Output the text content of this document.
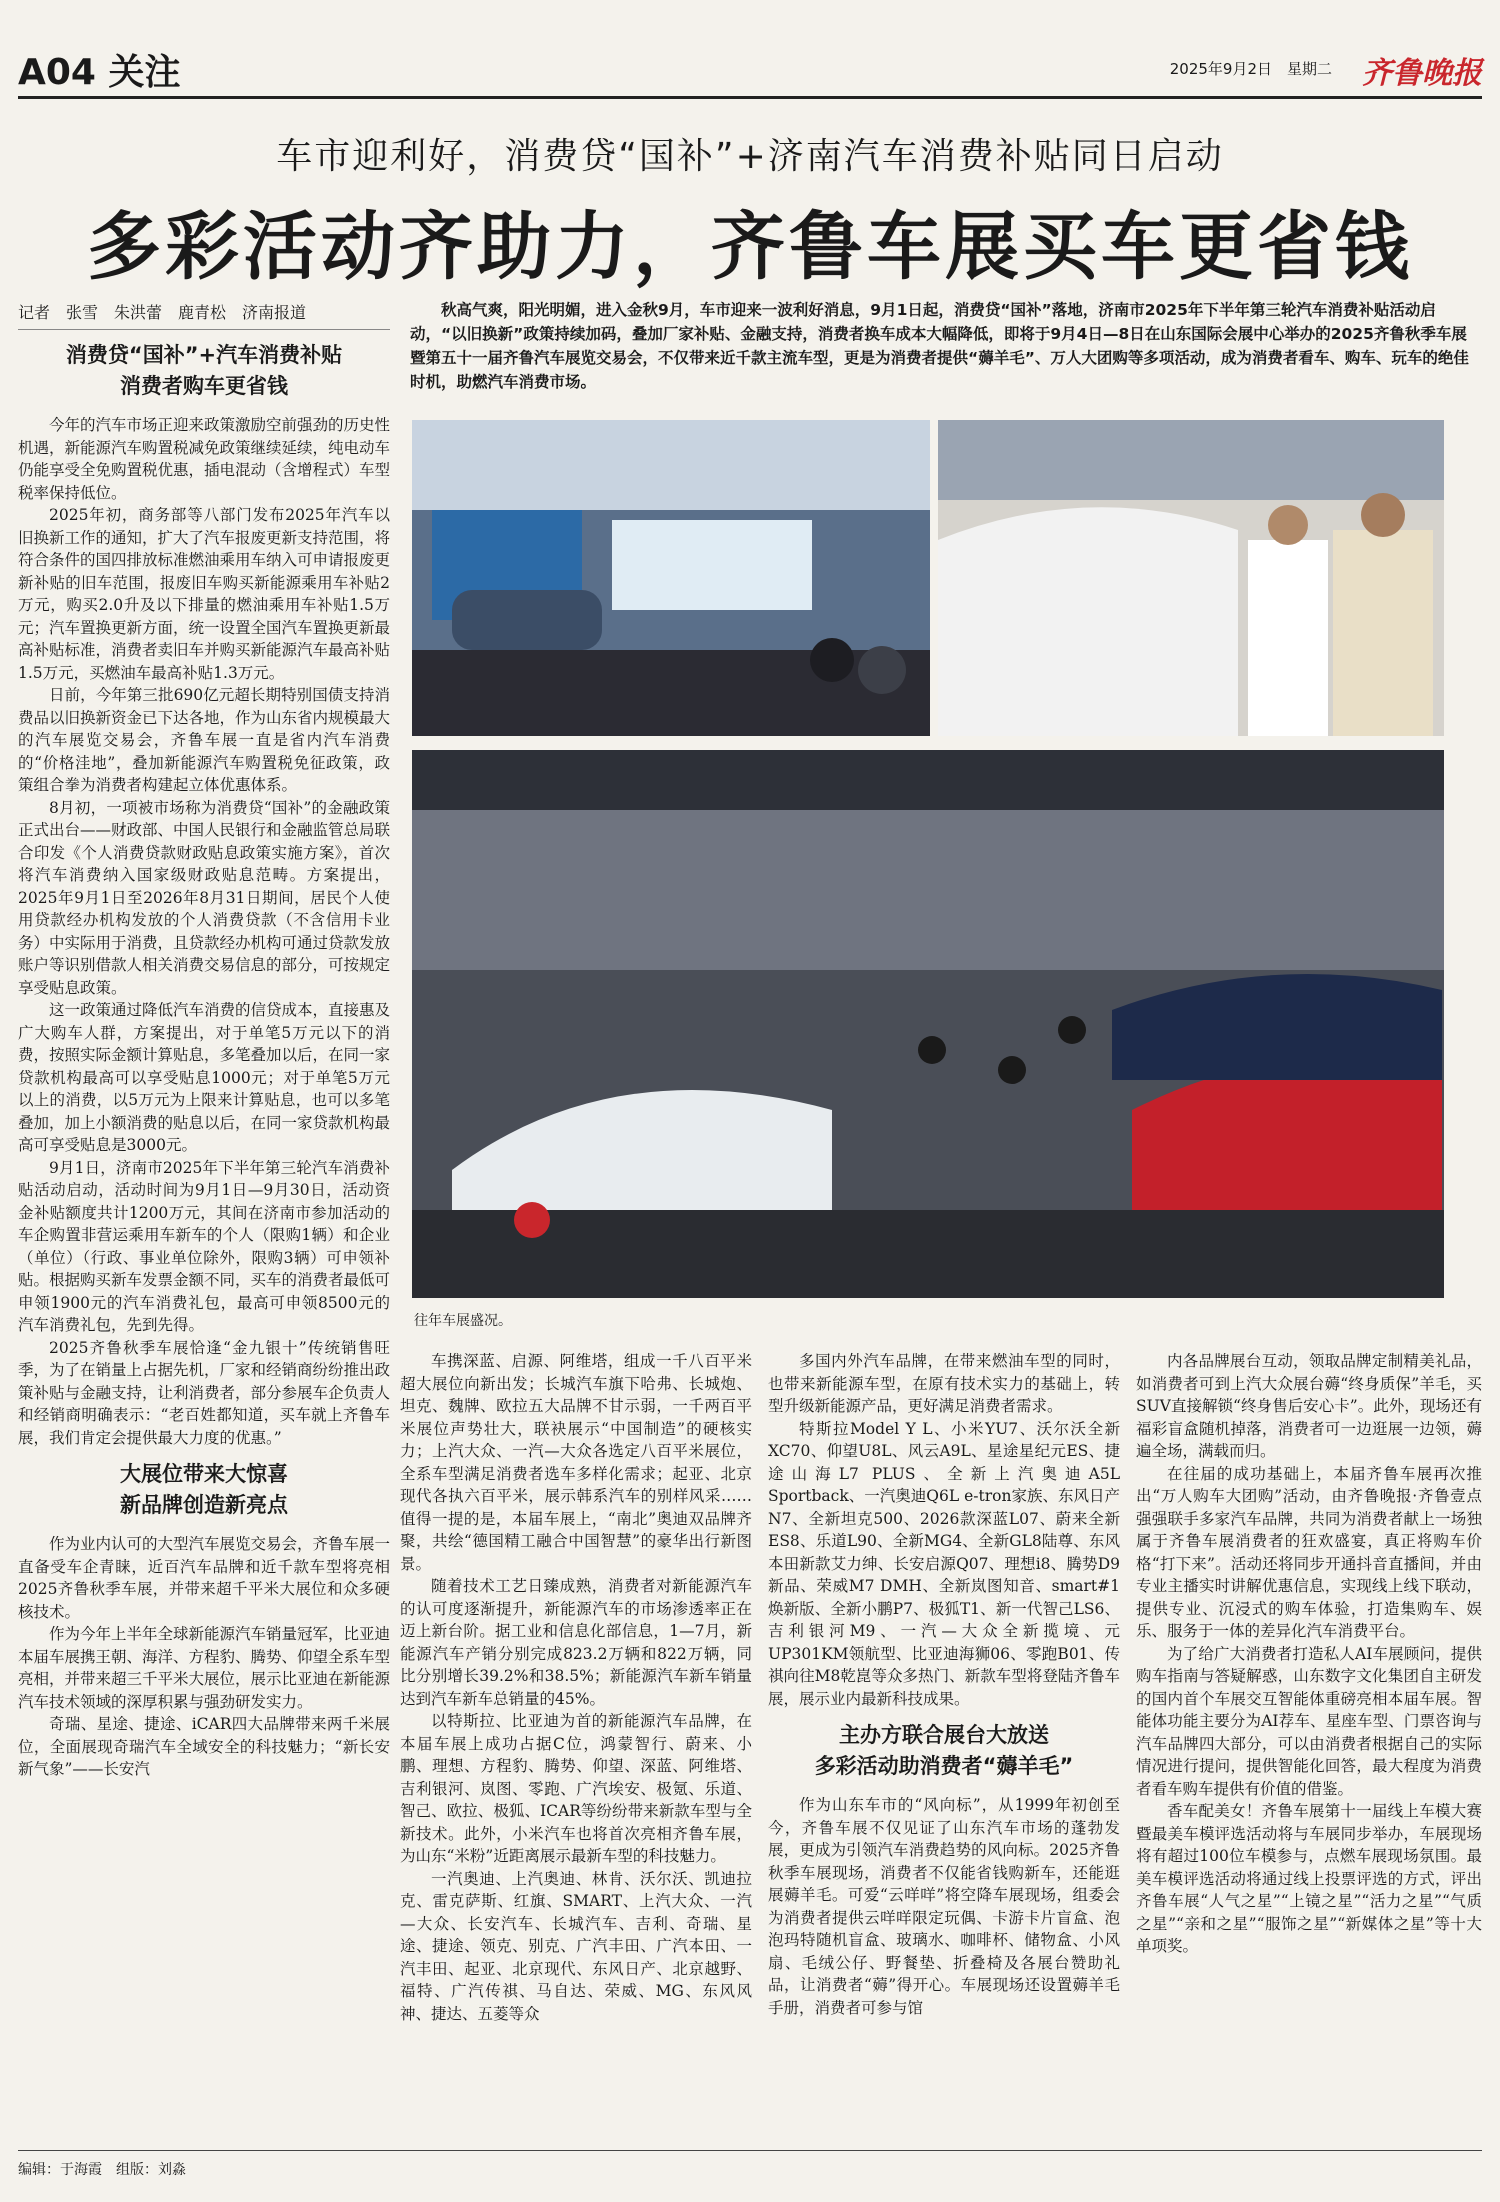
A04 关注	2025年9月2日　星期二 齐鲁晚报
车市迎利好，消费贷“国补”+济南汽车消费补贴同日启动
多彩活动齐助力，齐鲁车展买车更省钱
记者　张雪　朱洪蕾　鹿青松　济南报道	秋高气爽，阳光明媚，进入金秋9月，车市迎来一波利好消息，9月1日起，消费贷“国补”落地，济南市2025年下半年第三轮汽车消费补贴活动启动，“以旧换新”政策持续加码，叠加厂家补贴、金融支持，消费者换车成本大幅降低，即将于9月4日—8日在山东国际会展中心举办的2025齐鲁秋季车展暨第五十一届齐鲁汽车展览交易会，不仅带来近千款主流车型，更是为消费者提供“薅羊毛”、万人大团购等多项活动，成为消费者看车、购车、玩车的绝佳时机，助燃汽车消费市场。
消费贷“国补”+汽车消费补贴
消费者购车更省钱

今年的汽车市场正迎来政策激励空前强劲的历史性机遇，新能源汽车购置税减免政策继续延续，纯电动车仍能享受全免购置税优惠，插电混动（含增程式）车型税率保持低位。

2025年初，商务部等八部门发布2025年汽车以旧换新工作的通知，扩大了汽车报废更新支持范围，将符合条件的国四排放标准燃油乘用车纳入可申请报废更新补贴的旧车范围，报废旧车购买新能源乘用车补贴2万元，购买2.0升及以下排量的燃油乘用车补贴1.5万元；汽车置换更新方面，统一设置全国汽车置换更新最高补贴标准，消费者卖旧车并购买新能源汽车最高补贴1.5万元，买燃油车最高补贴1.3万元。

日前，今年第三批690亿元超长期特别国债支持消费品以旧换新资金已下达各地，作为山东省内规模最大的汽车展览交易会，齐鲁车展一直是省内汽车消费的“价格洼地”，叠加新能源汽车购置税免征政策，政策组合拳为消费者构建起立体优惠体系。

8月初，一项被市场称为消费贷“国补”的金融政策正式出台——财政部、中国人民银行和金融监管总局联合印发《个人消费贷款财政贴息政策实施方案》，首次将汽车消费纳入国家级财政贴息范畴。方案提出，2025年9月1日至2026年8月31日期间，居民个人使用贷款经办机构发放的个人消费贷款（不含信用卡业务）中实际用于消费，且贷款经办机构可通过贷款发放账户等识别借款人相关消费交易信息的部分，可按规定享受贴息政策。

这一政策通过降低汽车消费的信贷成本，直接惠及广大购车人群，方案提出，对于单笔5万元以下的消费，按照实际金额计算贴息，多笔叠加以后，在同一家贷款机构最高可以享受贴息1000元；对于单笔5万元以上的消费，以5万元为上限来计算贴息，也可以多笔叠加，加上小额消费的贴息以后，在同一家贷款机构最高可享受贴息是3000元。

9月1日，济南市2025年下半年第三轮汽车消费补贴活动启动，活动时间为9月1日—9月30日，活动资金补贴额度共计1200万元，其间在济南市参加活动的车企购置非营运乘用车新车的个人（限购1辆）和企业（单位）（行政、事业单位除外，限购3辆）可申领补贴。根据购买新车发票金额不同，买车的消费者最低可申领1900元的汽车消费礼包，最高可申领8500元的汽车消费礼包，先到先得。

2025齐鲁秋季车展恰逢“金九银十”传统销售旺季，为了在销量上占据先机，厂家和经销商纷纷推出政策补贴与金融支持，让利消费者，部分参展车企负责人和经销商明确表示：“老百姓都知道，买车就上齐鲁车展，我们肯定会提供最大力度的优惠。”

大展位带来大惊喜
新品牌创造新亮点

作为业内认可的大型汽车展览交易会，齐鲁车展一直备受车企青睐，近百汽车品牌和近千款车型将亮相2025齐鲁秋季车展，并带来超千平米大展位和众多硬核技术。

作为今年上半年全球新能源汽车销量冠军，比亚迪本届车展携王朝、海洋、方程豹、腾势、仰望全系车型亮相，并带来超三千平米大展位，展示比亚迪在新能源汽车技术领域的深厚积累与强劲研发实力。

奇瑞、星途、捷途、iCAR四大品牌带来两千米展位，全面展现奇瑞汽车全域安全的科技魅力；“新长安新气象”——长安汽

往年车展盛况。

车携深蓝、启源、阿维塔，组成一千八百平米超大展位向新出发；长城汽车旗下哈弗、长城炮、坦克、魏牌、欧拉五大品牌不甘示弱，一千两百平米展位声势壮大，联袂展示“中国制造”的硬核实力；上汽大众、一汽—大众各选定八百平米展位，全系车型满足消费者选车多样化需求；起亚、北京现代各执六百平米，展示韩系汽车的别样风采……值得一提的是，本届车展上，“南北”奥迪双品牌齐聚，共绘“德国精工融合中国智慧”的豪华出行新图景。

随着技术工艺日臻成熟，消费者对新能源汽车的认可度逐渐提升，新能源汽车的市场渗透率正在迈上新台阶。据工业和信息化部信息，1—7月，新能源汽车产销分别完成823.2万辆和822万辆，同比分别增长39.2%和38.5%；新能源汽车新车销量达到汽车新车总销量的45%。

以特斯拉、比亚迪为首的新能源汽车品牌，在本届车展上成功占据C位，鸿蒙智行、蔚来、小鹏、理想、方程豹、腾势、仰望、深蓝、阿维塔、吉利银河、岚图、零跑、广汽埃安、极氪、乐道、智己、欧拉、极狐、ICAR等纷纷带来新款车型与全新技术。此外，小米汽车也将首次亮相齐鲁车展，为山东“米粉”近距离展示最新车型的科技魅力。

一汽奥迪、上汽奥迪、林肯、沃尔沃、凯迪拉克、雷克萨斯、红旗、SMART、上汽大众、一汽—大众、长安汽车、长城汽车、吉利、奇瑞、星途、捷途、领克、别克、广汽丰田、广汽本田、一汽丰田、起亚、北京现代、东风日产、北京越野、福特、广汽传祺、马自达、荣威、MG、东风风神、捷达、五菱等众

多国内外汽车品牌，在带来燃油车型的同时，也带来新能源车型，在原有技术实力的基础上，转型升级新能源产品，更好满足消费者需求。

特斯拉Model Y L、小米YU7、沃尔沃全新XC70、仰望U8L、风云A9L、星途星纪元ES、捷途山海L7 PLUS、全新上汽奥迪A5L Sportback、一汽奥迪Q6L e-tron家族、东风日产N7、全新坦克500、2026款深蓝L07、蔚来全新ES8、乐道L90、全新MG4、全新GL8陆尊、东风本田新款艾力绅、长安启源Q07、理想i8、腾势D9新品、荣威M7 DMH、全新岚图知音、smart#1焕新版、全新小鹏P7、极狐T1、新一代智己LS6、吉利银河M9、一汽—大众全新揽境、元UP301KM领航型、比亚迪海狮06、零跑B01、传祺向往M8乾崑等众多热门、新款车型将登陆齐鲁车展，展示业内最新科技成果。

主办方联合展台大放送
多彩活动助消费者“薅羊毛”

作为山东车市的“风向标”，从1999年初创至今，齐鲁车展不仅见证了山东汽车市场的蓬勃发展，更成为引领汽车消费趋势的风向标。2025齐鲁秋季车展现场，消费者不仅能省钱购新车，还能逛展薅羊毛。可爱“云咩咩”将空降车展现场，组委会为消费者提供云咩咩限定玩偶、卡游卡片盲盒、泡泡玛特随机盲盒、玻璃水、咖啡杯、储物盒、小风扇、毛绒公仔、野餐垫、折叠椅及各展台赞助礼品，让消费者“薅”得开心。车展现场还设置薅羊毛手册，消费者可参与馆

内各品牌展台互动，领取品牌定制精美礼品，如消费者可到上汽大众展台薅“终身质保”羊毛，买SUV直接解锁“终身售后安心卡”。此外，现场还有福彩盲盒随机掉落，消费者可一边逛展一边领，薅遍全场，满载而归。

在往届的成功基础上，本届齐鲁车展再次推出“万人购车大团购”活动，由齐鲁晚报·齐鲁壹点强强联手多家汽车品牌，共同为消费者献上一场独属于齐鲁车展消费者的狂欢盛宴，真正将购车价格“打下来”。活动还将同步开通抖音直播间，并由专业主播实时讲解优惠信息，实现线上线下联动，提供专业、沉浸式的购车体验，打造集购车、娱乐、服务于一体的差异化汽车消费平台。

为了给广大消费者打造私人AI车展顾问，提供购车指南与答疑解惑，山东数字文化集团自主研发的国内首个车展交互智能体重磅亮相本届车展。智能体功能主要分为AI荐车、星座车型、门票咨询与汽车品牌四大部分，可以由消费者根据自己的实际情况进行提问，提供智能化回答，最大程度为消费者看车购车提供有价值的借鉴。

香车配美女！齐鲁车展第十一届线上车模大赛暨最美车模评选活动将与车展同步举办，车展现场将有超过100位车模参与，点燃车展现场氛围。最美车模评选活动将通过线上投票评选的方式，评出齐鲁车展“人气之星”“上镜之星”“活力之星”“气质之星”“亲和之星”“服饰之星”“新媒体之星”等十大单项奖。

编辑：于海霞　组版：刘淼
